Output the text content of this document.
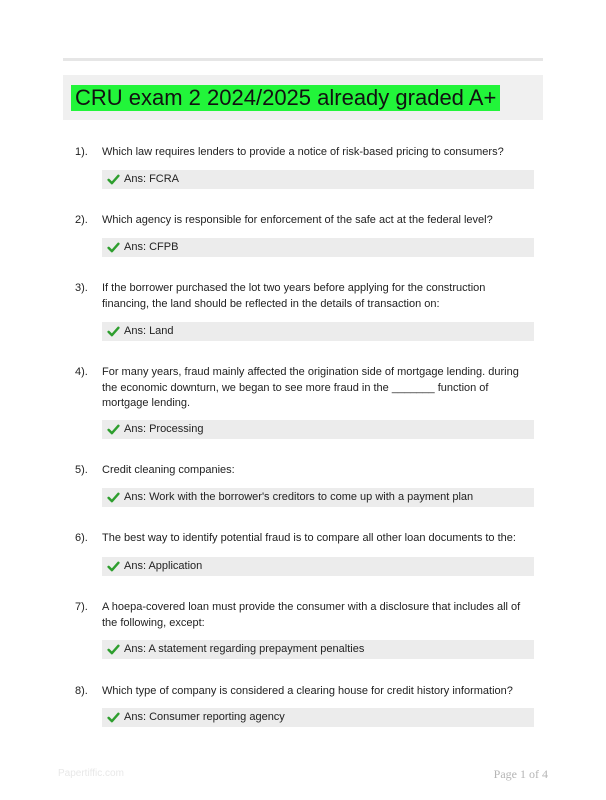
CRU exam 2 2024/2025 already graded A+
1). Which law requires lenders to provide a notice of risk-based pricing to consumers?
Ans: FCRA
2). Which agency is responsible for enforcement of the safe act at the federal level?
Ans: CFPB
3). If the borrower purchased the lot two years before applying for the construction financing, the land should be reflected in the details of transaction on:
Ans: Land
4). For many years, fraud mainly affected the origination side of mortgage lending. during the economic downturn, we began to see more fraud in the _______ function of mortgage lending.
Ans: Processing
5). Credit cleaning companies:
Ans: Work with the borrower's creditors to come up with a payment plan
6). The best way to identify potential fraud is to compare all other loan documents to the:
Ans: Application
7). A hoepa-covered loan must provide the consumer with a disclosure that includes all of the following, except:
Ans: A statement regarding prepayment penalties
8). Which type of company is considered a clearing house for credit history information?
Ans: Consumer reporting agency
Papertiffic.com	Page 1 of 4
